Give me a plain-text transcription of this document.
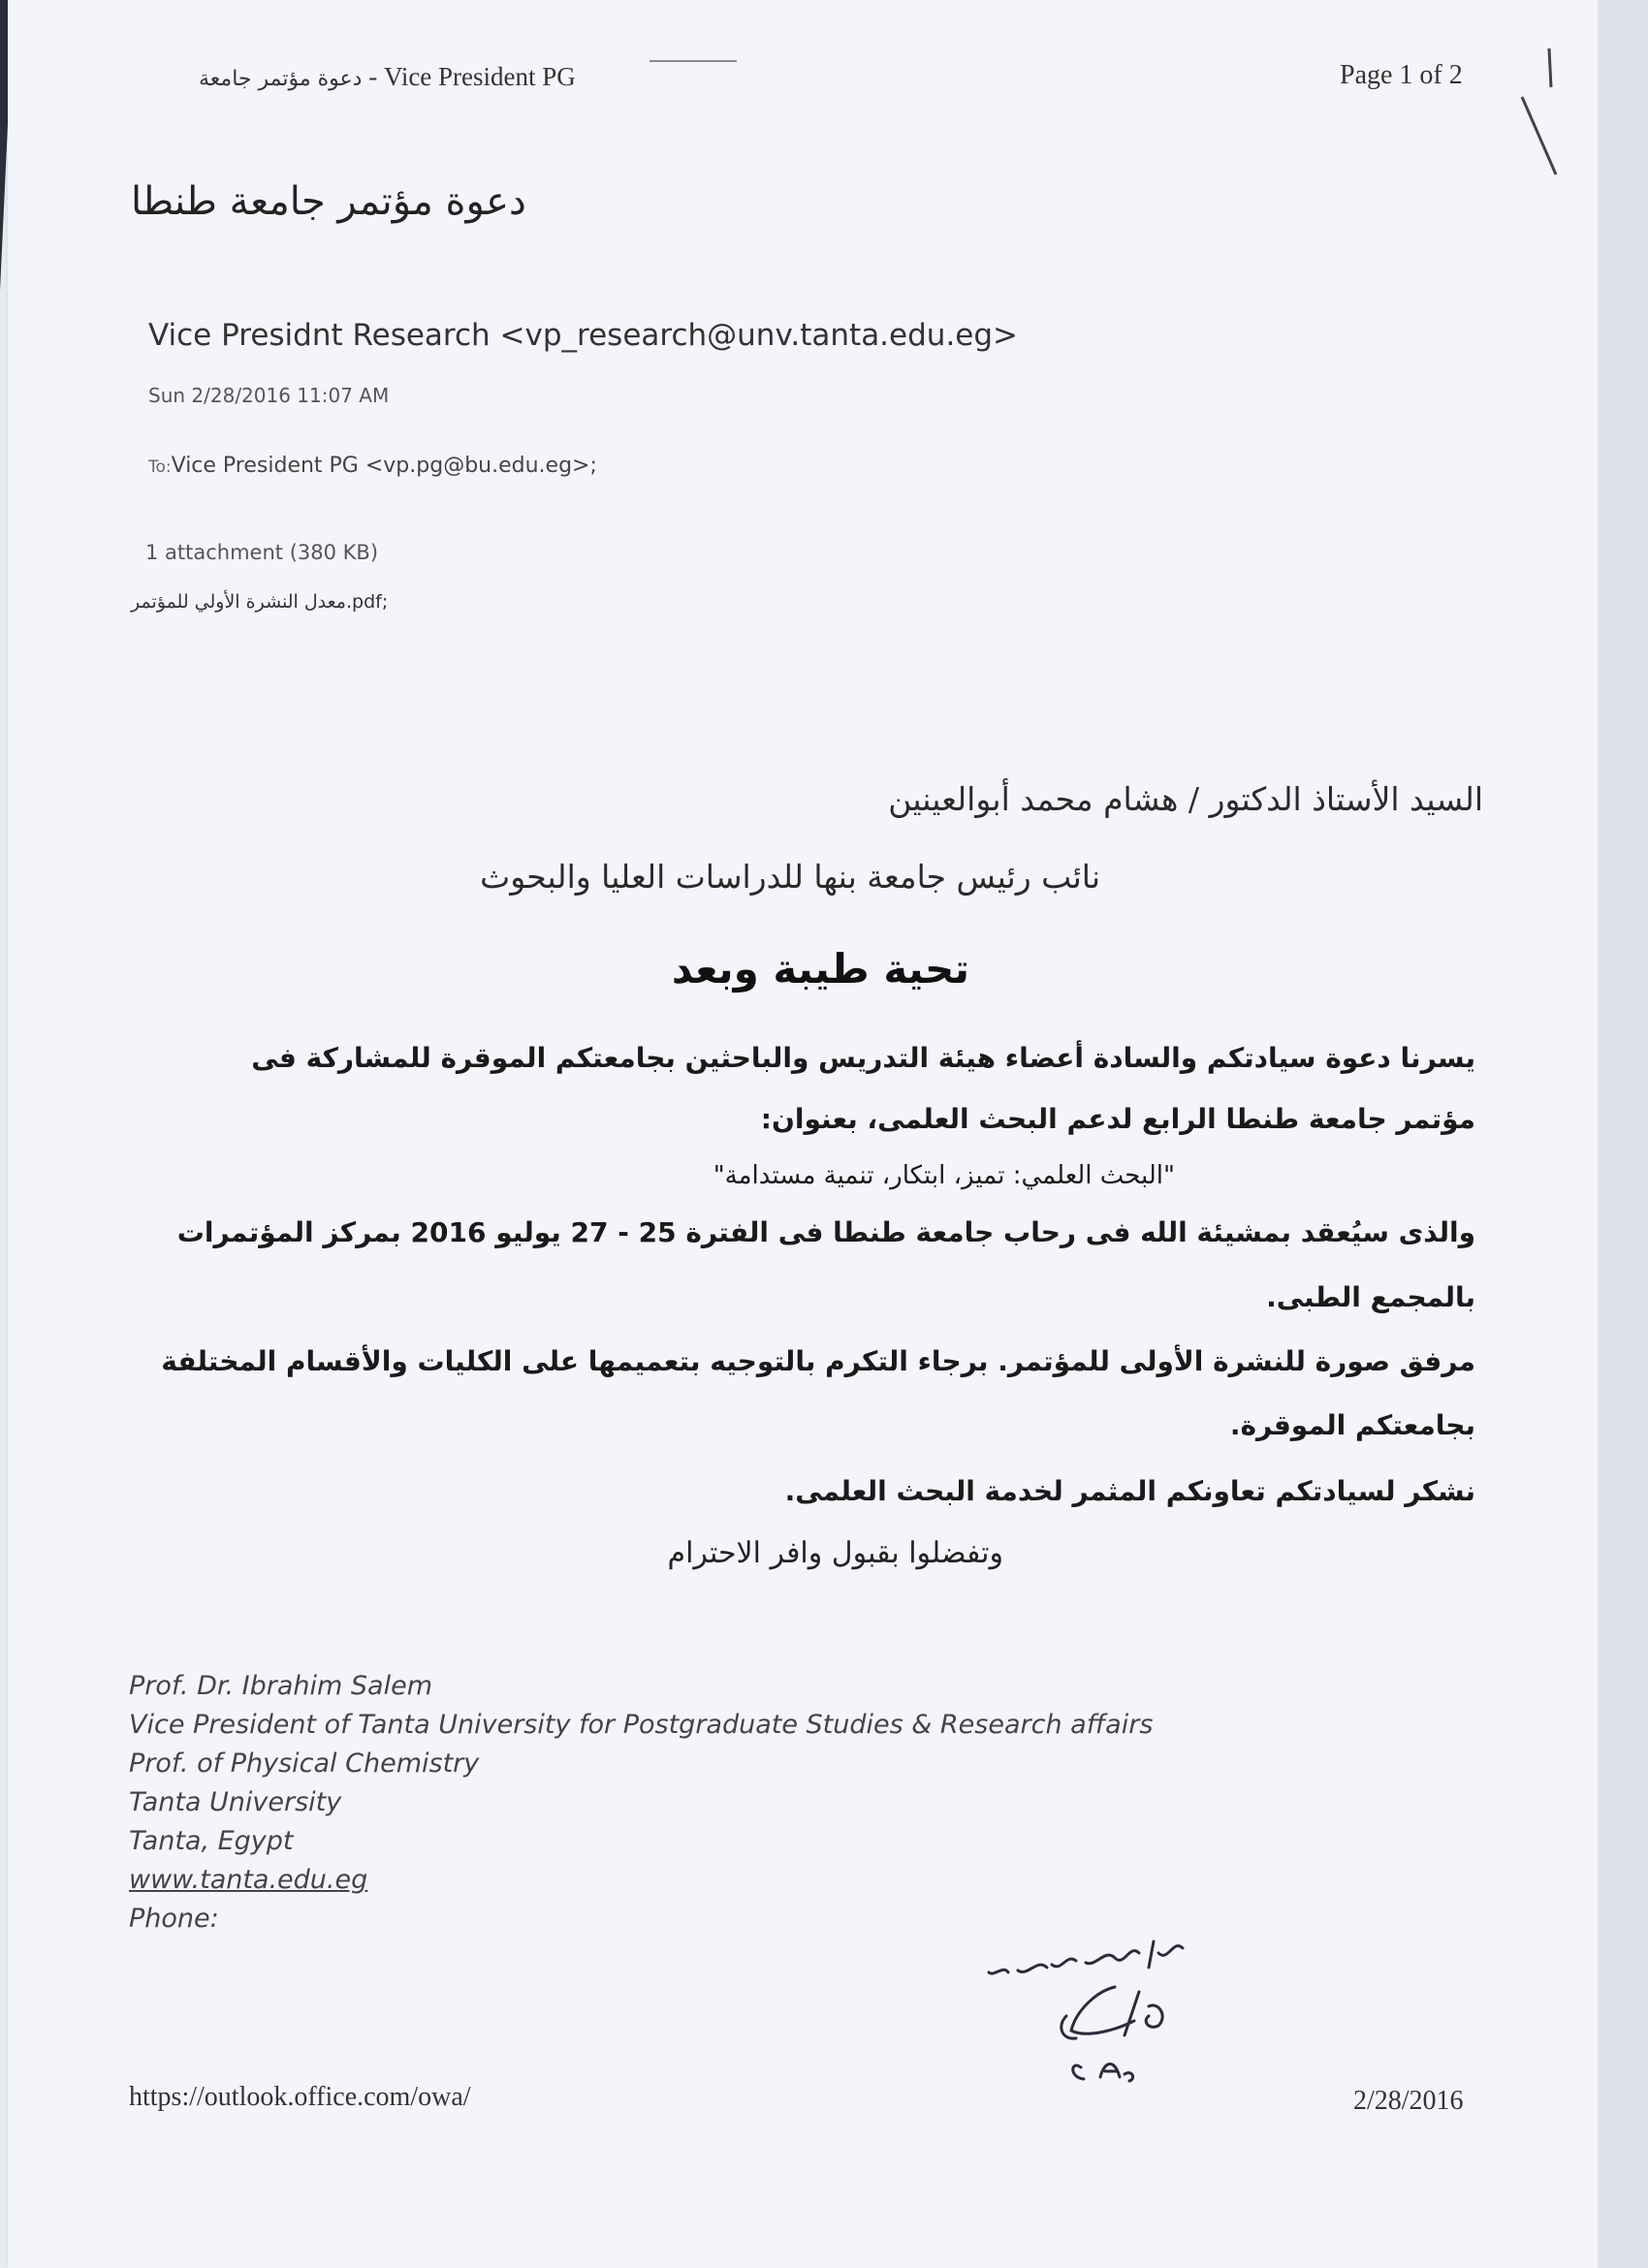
دعوة مؤتمر جامعة - Vice President PG	Page 1 of 2
دعوة مؤتمر جامعة طنطا
Vice Presidnt Research <vp_research@unv.tanta.edu.eg>
Sun 2/28/2016 11:07 AM
To:Vice President PG <vp.pg@bu.edu.eg>;
1 attachment (380 KB)
معدل النشرة الأولي للمؤتمر.pdf;
السيد الأستاذ الدكتور / هشام محمد أبوالعينين
نائب رئيس جامعة بنها للدراسات العليا والبحوث
تحية طيبة وبعد
يسرنا دعوة سيادتكم والسادة أعضاء هيئة التدريس والباحثين بجامعتكم الموقرة للمشاركة فى
مؤتمر جامعة طنطا الرابع لدعم البحث العلمى، بعنوان:
"البحث العلمي: تميز، ابتكار، تنمية مستدامة"
والذى سيُعقد بمشيئة الله فى رحاب جامعة طنطا فى الفترة 25 - 27 يوليو 2016 بمركز المؤتمرات
بالمجمع الطبى.
مرفق صورة للنشرة الأولى للمؤتمر. برجاء التكرم بالتوجيه بتعميمها على الكليات والأقسام المختلفة
بجامعتكم الموقرة.
نشكر لسيادتكم تعاونكم المثمر لخدمة البحث العلمى.
وتفضلوا بقبول وافر الاحترام
Prof. Dr. Ibrahim Salem
Vice President of Tanta University for Postgraduate Studies & Research affairs
Prof. of Physical Chemistry
Tanta University
Tanta, Egypt
www.tanta.edu.eg
Phone:
https://outlook.office.com/owa/	2/28/2016
